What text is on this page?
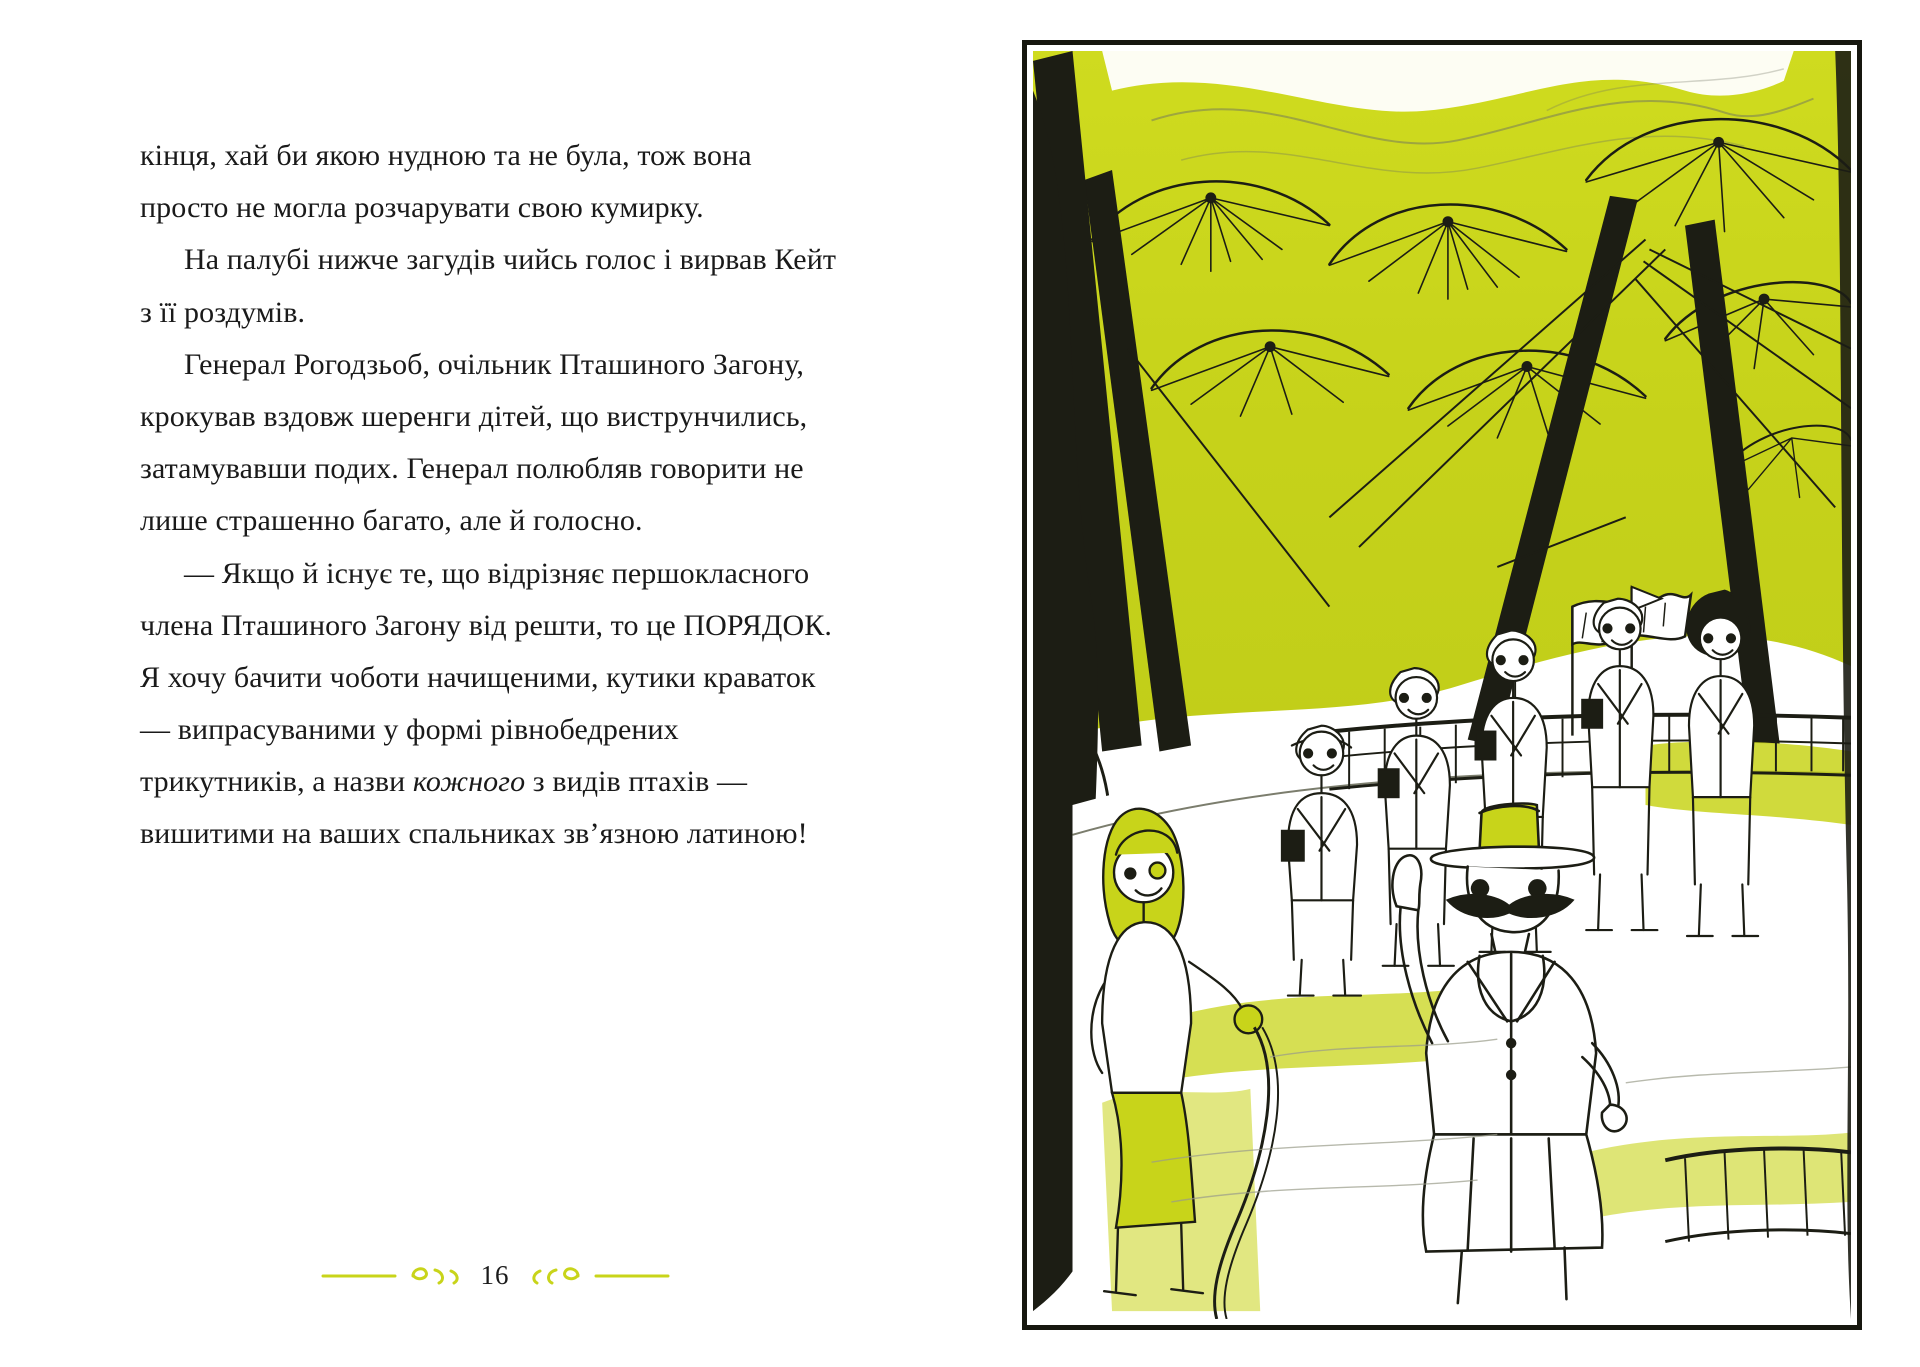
кінця, хай би якою нудною та не була, тож вона просто не могла розчарувати свою кумирку.

На палубі нижче загудів чийсь голос і вирвав Кейт з її роздумів.

Генерал Рогодзьоб, очільник Пташиного Загону, крокував вздовж шеренги дітей, що виструнчились, затамувавши подих. Генерал полюбляв говорити не лише страшенно багато, але й голосно.

— Якщо й існує те, що відрізняє першокласного члена Пташиного Загону від решти, то це ПОРЯДОК. Я хочу бачити чоботи начищеними, кутики краваток — випрасуваними у формі рівнобедрених трикутників, а назви кожного з видів птахів — вишитими на ваших спальниках зв’язною латиною!

16
